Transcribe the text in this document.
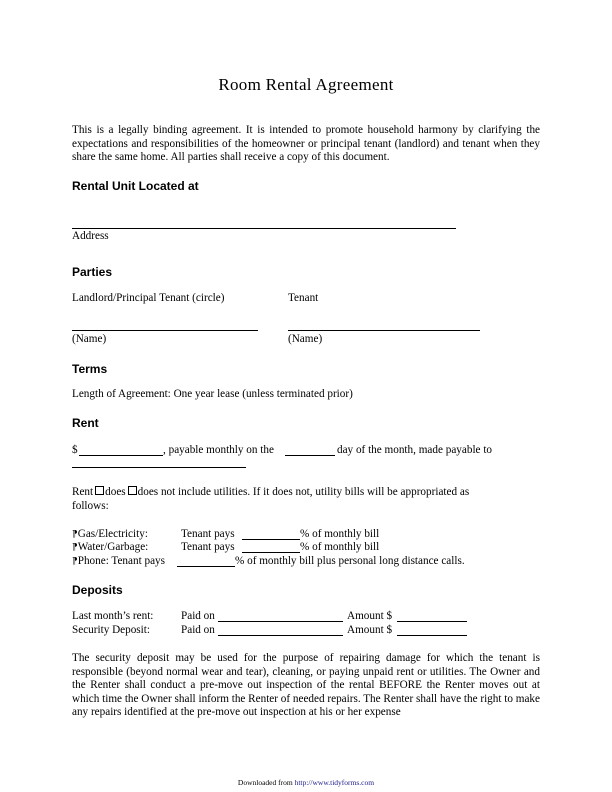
Room Rental Agreement
This is a legally binding agreement. It is intended to promote household harmony by clarifying the expectations and responsibilities of the homeowner or principal tenant (landlord) and tenant when they share the same home. All parties shall receive a copy of this document.
Rental Unit Located at
Address
Parties
Landlord/Principal Tenant (circle)	Tenant
(Name)	(Name)
Terms
Length of Agreement: One year lease (unless terminated prior)
Rent
$	, payable monthly on the	day of the month, made payable to
Rent does does not include utilities. If it does not, utility bills will be appropriated as
follows:
⁋Gas/Electricity:	Tenant pays	% of monthly bill
⁋Water/Garbage:	Tenant pays	% of monthly bill
⁋Phone: Tenant pays	% of monthly bill plus personal long distance calls.
Deposits
Last month’s rent: Paid on	Amount $
Security Deposit:	Paid on	Amount $
The security deposit may be used for the purpose of repairing damage for which the tenant is responsible (beyond normal wear and tear), cleaning, or paying unpaid rent or utilities. The Owner and the Renter shall conduct a pre-move out inspection of the rental BEFORE the Renter moves out at which time the Owner shall inform the Renter of needed repairs. The Renter shall have the right to make any repairs identified at the pre-move out inspection at his or her expense
Downloaded from http://www.tidyforms.com
